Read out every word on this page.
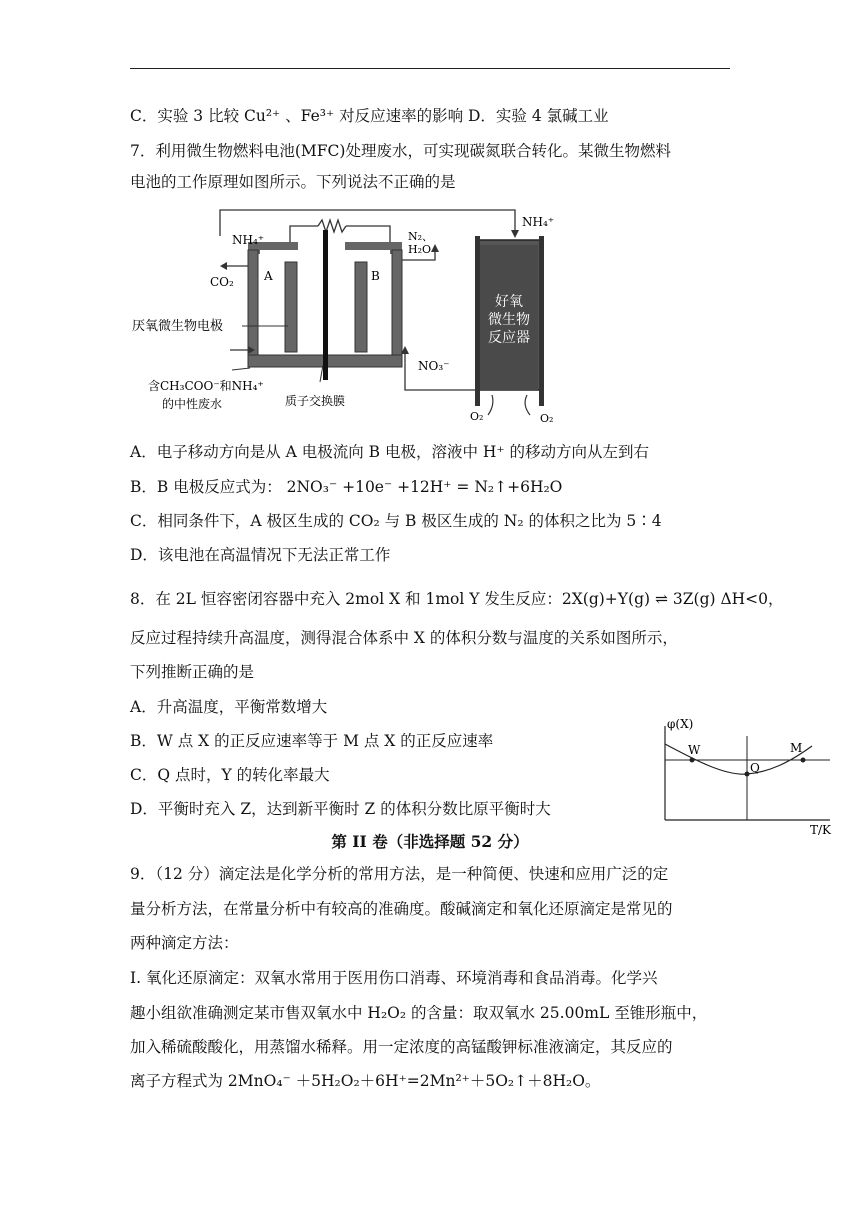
C．实验 3 比较 Cu²⁺ 、Fe³⁺ 对反应速率的影响 D．实验 4 氯碱工业
7．利用微生物燃料电池(MFC)处理废水，可实现碳氮联合转化。某微生物燃料
电池的工作原理如图所示。下列说法不正确的是
NH₄⁺
CO₂	A	B
N₂、
H₂O
NH₄⁺
好氧
微生物
反应器
厌氧微生物电极
NO₃⁻
含CH₃COO⁻和NH₄⁺
的中性废水	质子交换膜
O₂	O₂
A．电子移动方向是从 A 电极流向 B 电极，溶液中 H⁺ 的移动方向从左到右
B．B 电极反应式为： 2NO₃⁻ +10e⁻ +12H⁺ = N₂↑+6H₂O
C．相同条件下，A 极区生成的 CO₂ 与 B 极区生成的 N₂ 的体积之比为 5∶4
D．该电池在高温情况下无法正常工作
8．在 2L 恒容密闭容器中充入 2mol X 和 1mol Y 发生反应：2X(g)+Y(g) ⇌ 3Z(g) ΔH<0，
反应过程持续升高温度，测得混合体系中 X 的体积分数与温度的关系如图所示，
下列推断正确的是
A．升高温度，平衡常数增大
B．W 点 X 的正反应速率等于 M 点 X 的正反应速率
C．Q 点时，Y 的转化率最大
D．平衡时充入 Z，达到新平衡时 Z 的体积分数比原平衡时大
φ(X)
T/K
W
Q
M
第 II 卷（非选择题 52 分）
9．（12 分）滴定法是化学分析的常用方法，是一种简便、快速和应用广泛的定
量分析方法，在常量分析中有较高的准确度。酸碱滴定和氧化还原滴定是常见的
两种滴定方法：
I. 氧化还原滴定：双氧水常用于医用伤口消毒、环境消毒和食品消毒。化学兴
趣小组欲准确测定某市售双氧水中 H₂O₂ 的含量：取双氧水 25.00mL 至锥形瓶中，
加入稀硫酸酸化，用蒸馏水稀释。用一定浓度的高锰酸钾标准液滴定，其反应的
离子方程式为 2MnO₄⁻ ＋5H₂O₂＋6H⁺=2Mn²⁺＋5O₂↑＋8H₂O。
